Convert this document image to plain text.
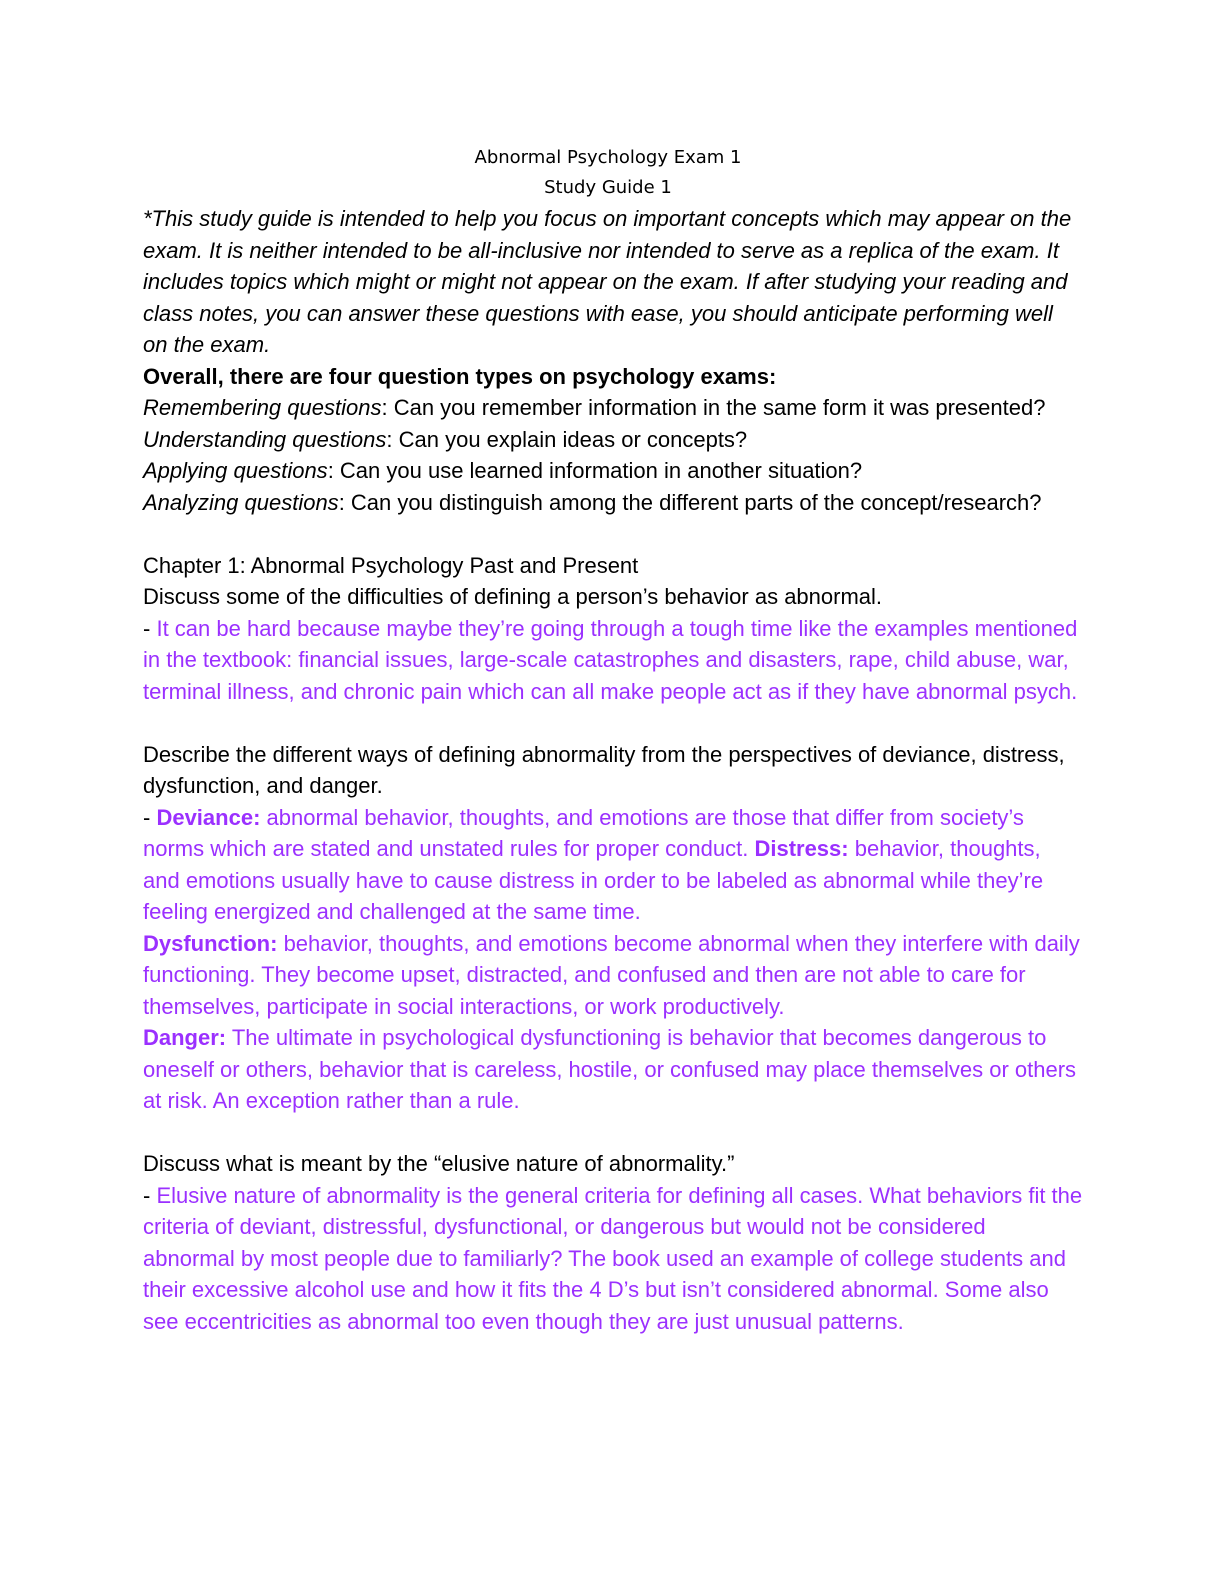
Abnormal Psychology Exam 1

Study Guide 1

*This study guide is intended to help you focus on important concepts which may appear on the exam. It is neither intended to be all-inclusive nor intended to serve as a replica of the exam. It includes topics which might or might not appear on the exam. If after studying your reading and class notes, you can answer these questions with ease, you should anticipate performing well on the exam.

Overall, there are four question types on psychology exams:

Remembering questions: Can you remember information in the same form it was presented?Understanding questions: Can you explain ideas or concepts?

Applying questions: Can you use learned information in another situation?

Analyzing questions: Can you distinguish among the different parts of the concept/research?

Chapter 1: Abnormal Psychology Past and Present

Discuss some of the difficulties of defining a person’s behavior as abnormal.

- It can be hard because maybe they’re going through a tough time like the examples mentioned in the textbook: financial issues, large-scale catastrophes and disasters, rape, child abuse, war, terminal illness, and chronic pain which can all make people act as if they have abnormal psych.

Describe the different ways of defining abnormality from the perspectives of deviance, distress, dysfunction, and danger.

- Deviance: abnormal behavior, thoughts, and emotions are those that differ from society’s norms which are stated and unstated rules for proper conduct. Distress: behavior, thoughts, and emotions usually have to cause distress in order to be labeled as abnormal while they’re feeling energized and challenged at the same time.

Dysfunction: behavior, thoughts, and emotions become abnormal when they interfere with daily functioning. They become upset, distracted, and confused and then are not able to care for themselves, participate in social interactions, or work productively.

Danger: The ultimate in psychological dysfunctioning is behavior that becomes dangerous to oneself or others, behavior that is careless, hostile, or confused may place themselves or others at risk. An exception rather than a rule.

Discuss what is meant by the “elusive nature of abnormality.”

- Elusive nature of abnormality is the general criteria for defining all cases. What behaviors fit the criteria of deviant, distressful, dysfunctional, or dangerous but would not be considered abnormal by most people due to familiarly? The book used an example of college students and their excessive alcohol use and how it fits the 4 D’s but isn’t considered abnormal. Some also see eccentricities as abnormal too even though they are just unusual patterns.
